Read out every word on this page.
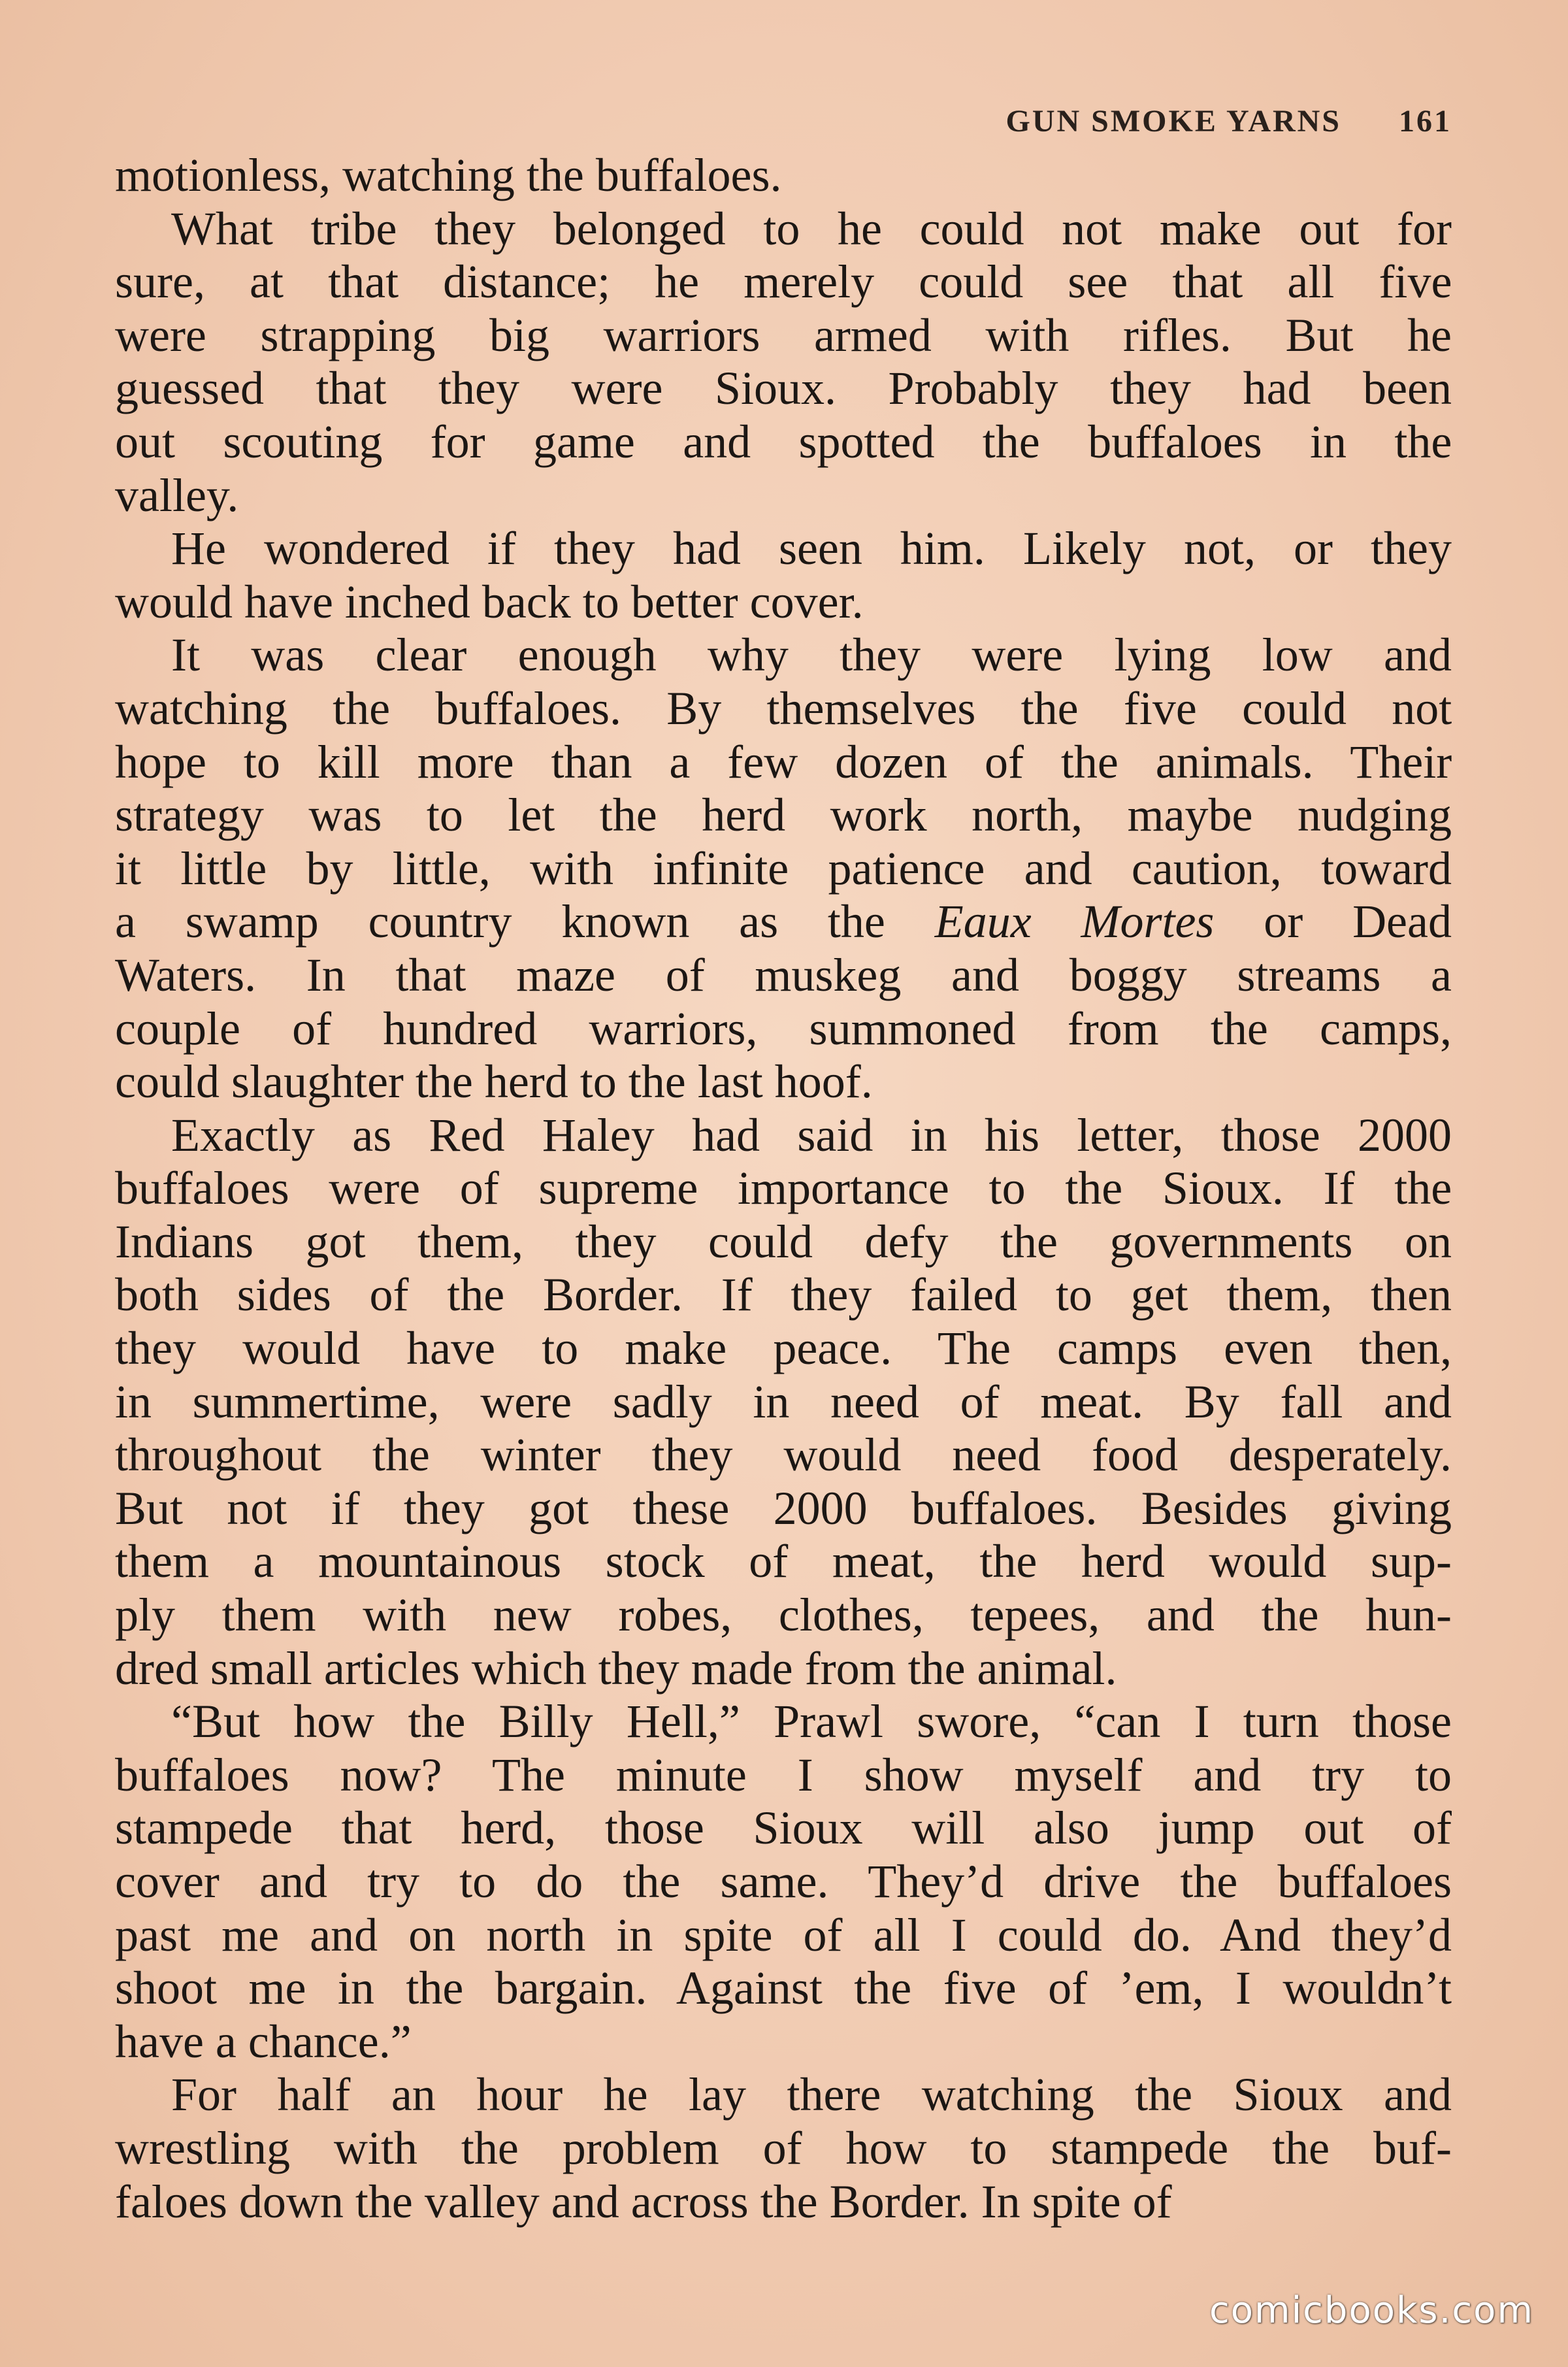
GUN SMOKE YARNS 161
motionless, watching the buffaloes.
What tribe they belonged to he could not make out for
sure, at that distance; he merely could see that all five
were strapping big warriors armed with rifles. But he
guessed that they were Sioux. Probably they had been
out scouting for game and spotted the buffaloes in the
valley.
He wondered if they had seen him. Likely not, or they
would have inched back to better cover.
It was clear enough why they were lying low and
watching the buffaloes. By themselves the five could not
hope to kill more than a few dozen of the animals. Their
strategy was to let the herd work north, maybe nudging
it little by little, with infinite patience and caution, toward
a swamp country known as the Eaux Mortes or Dead
Waters. In that maze of muskeg and boggy streams a
couple of hundred warriors, summoned from the camps,
could slaughter the herd to the last hoof.
Exactly as Red Haley had said in his letter, those 2000
buffaloes were of supreme importance to the Sioux. If the
Indians got them, they could defy the governments on
both sides of the Border. If they failed to get them, then
they would have to make peace. The camps even then,
in summertime, were sadly in need of meat. By fall and
throughout the winter they would need food desperately.
But not if they got these 2000 buffaloes. Besides giving
them a mountainous stock of meat, the herd would sup-
ply them with new robes, clothes, tepees, and the hun-
dred small articles which they made from the animal.
“But how the Billy Hell,” Prawl swore, “can I turn those
buffaloes now? The minute I show myself and try to
stampede that herd, those Sioux will also jump out of
cover and try to do the same. They’d drive the buffaloes
past me and on north in spite of all I could do. And they’d
shoot me in the bargain. Against the five of ’em, I wouldn’t
have a chance.”
For half an hour he lay there watching the Sioux and
wrestling with the problem of how to stampede the buf-
faloes down the valley and across the Border. In spite of
comicbooks.com
